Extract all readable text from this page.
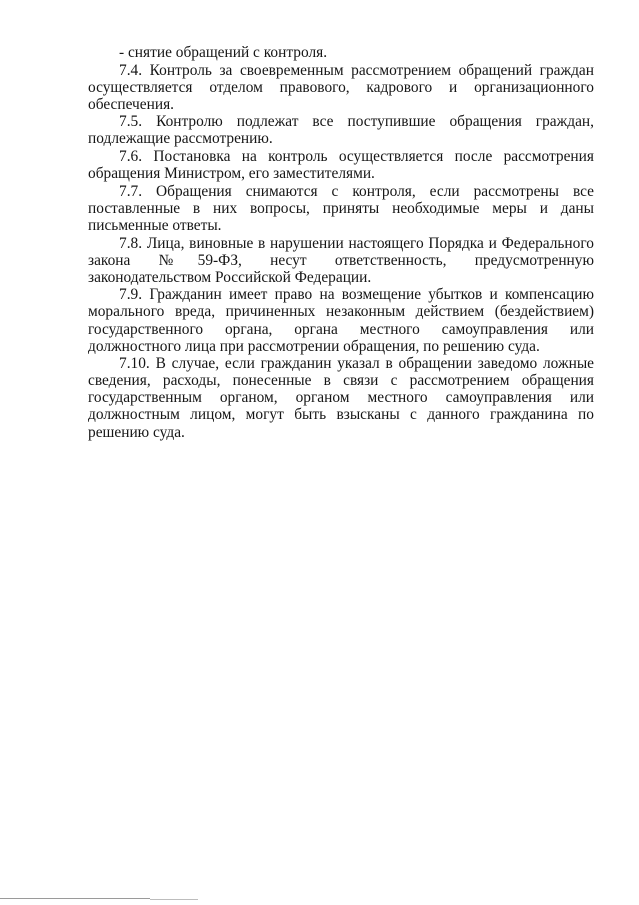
- снятие обращений с контроля.

7.4. Контроль за своевременным рассмотрением обращений граждан осуществляется отделом правового, кадрового и организационного обеспечения.

7.5. Контролю подлежат все поступившие обращения граждан, подлежащие рассмотрению.

7.6. Постановка на контроль осуществляется после рассмотрения обращения Министром, его заместителями.

7.7. Обращения снимаются с контроля, если рассмотрены все поставленные в них вопросы, приняты необходимые меры и даны письменные ответы.

7.8. Лица, виновные в нарушении настоящего Порядка и Федерального закона №59-ФЗ, несут ответственность, предусмотренную законодательством Российской Федерации.

7.9. Гражданин имеет право на возмещение убытков и компенсацию морального вреда, причиненных незаконным действием (бездействием) государственного органа, органа местного самоуправления или должностного лица при рассмотрении обращения, по решению суда.

7.10. В случае, если гражданин указал в обращении заведомо ложные сведения, расходы, понесенные в связи с рассмотрением обращения государственным органом, органом местного самоуправления или должностным лицом, могут быть взысканы с данного гражданина по решению суда.
